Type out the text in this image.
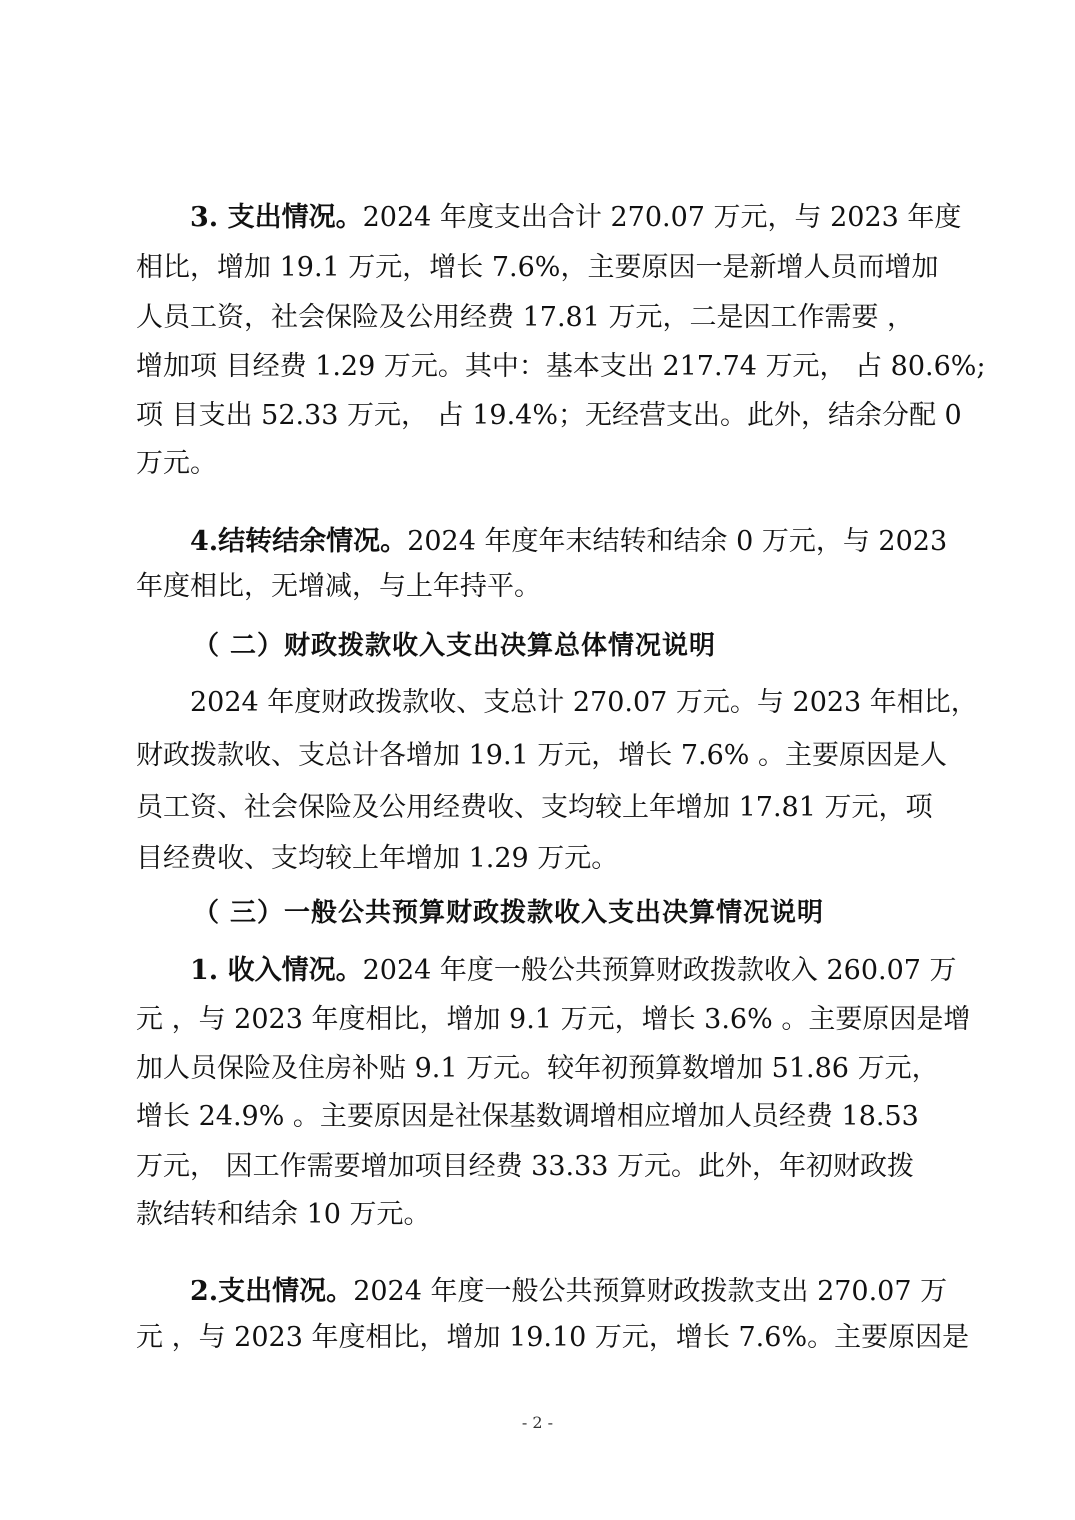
3. 支出情况。2024 年度支出合计 270.07 万元，与 2023 年度
相比，增加 19.1 万元，增长 7.6%，主要原因一是新增人员而增加
人员工资，社会保险及公用经费 17.81 万元，二是因工作需要 ，
增加项 目经费 1.29 万元。其中：基本支出 217.74 万元， 占 80.6%;
项 目支出 52.33 万元， 占 19.4%；无经营支出。此外，结余分配 0
万元。
4.结转结余情况。2024 年度年末结转和结余 0 万元，与 2023
年度相比，无增减，与上年持平。
（ 二）财政拨款收入支出决算总体情况说明
2024 年度财政拨款收、支总计 270.07 万元。与 2023 年相比，
财政拨款收、支总计各增加 19.1 万元，增长 7.6% 。主要原因是人
员工资、社会保险及公用经费收、支均较上年增加 17.81 万元，项
目经费收、支均较上年增加 1.29 万元。
（ 三）一般公共预算财政拨款收入支出决算情况说明
1. 收入情况。2024 年度一般公共预算财政拨款收入 260.07 万
元 ，与 2023 年度相比，增加 9.1 万元，增长 3.6% 。主要原因是增
加人员保险及住房补贴 9.1 万元。较年初预算数增加 51.86 万元，
增长 24.9% 。主要原因是社保基数调增相应增加人员经费 18.53
万元， 因工作需要增加项目经费 33.33 万元。此外，年初财政拨
款结转和结余 10 万元。
2.支出情况。2024 年度一般公共预算财政拨款支出 270.07 万
元 ，与 2023 年度相比，增加 19.10 万元，增长 7.6%。主要原因是
- 2 -
